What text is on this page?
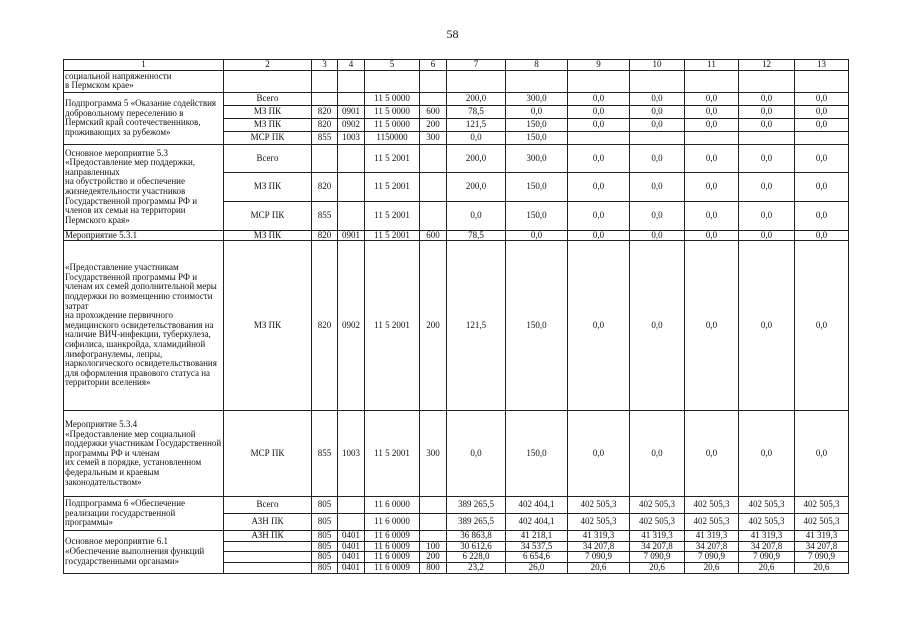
58
1	2	3	4	5	6	7	8	9	10	11	12	13
социальной напряженности
в Пермском крае»												
Подпрограмма 5 «Оказание содействия добровольному переселению в Пермский край соотечественников, проживающих за рубежом»	Всего			11 5 0000		200,0	300,0	0,0	0,0	0,0	0,0	0,0
	МЗ ПК	820	0901	11 5 0000	600	78,5	0,0	0,0	0,0	0,0	0,0	0,0
	МЗ ПК	820	0902	11 5 0000	200	121,5	150,0	0,0	0,0	0,0	0,0	0,0
	МСР ПК	855	1003	1150000	300	0,0	150,0					
Основное мероприятие 5.3
«Предоставление мер поддержки, направленных
на обустройство и обеспечение жизнедеятельности участников Государственной программы РФ и членов их семьи на территории Пермского края»	Всего			11 5 2001		200,0	300,0	0,0	0,0	0,0	0,0	0,0
	МЗ ПК	820		11 5 2001		200,0	150,0	0,0	0,0	0,0	0,0	0,0
	МСР ПК	855		11 5 2001		0,0	150,0	0,0	0,0	0,0	0,0	0,0
Мероприятие 5.3.1	МЗ ПК	820	0901	11 5 2001	600	78,5	0,0	0,0	0,0	0,0	0,0	0,0
«Предоставление участникам Государственной программы РФ и членам их семей дополнительной меры поддержки по возмещению стоимости затрат
на прохождение первичного медицинского освидетельствования на наличие ВИЧ-инфекции, туберкулеза, сифилиса, шанкройда, хламидийной лимфогранулемы, лепры, наркологического освидетельствования
для оформления правового статуса на территории вселения»	МЗ ПК	820	0902	11 5 2001	200	121,5	150,0	0,0	0,0	0,0	0,0	0,0
Мероприятие 5.3.4
«Предоставление мер социальной поддержки участникам Государственной программы РФ и членам
их семей в порядке, установленном федеральным и краевым законодательством»	МСР ПК	855	1003	11 5 2001	300	0,0	150,0	0,0	0,0	0,0	0,0	0,0
Подпрограмма 6 «Обеспечение реализации государственной программы»	Всего	805		11 6 0000		389 265,5	402 404,1	402 505,3	402 505,3	402 505,3	402 505,3	402 505,3
	АЗН ПК	805		11 6 0000		389 265,5	402 404,1	402 505,3	402 505,3	402 505,3	402 505,3	402 505,3
Основное мероприятие 6.1
«Обеспечение выполнения функций государственными органами»	АЗН ПК	805	0401	11 6 0009		36 863,8	41 218,1	41 319,3	41 319,3	41 319,3	41 319,3	41 319,3
		805	0401	11 6 0009	100	30 612,6	34 537,5	34 207,8	34 207,8	34 207,8	34 207,8	34 207,8
		805	0401	11 6 0009	200	6 228,0	6 654,6	7 090,9	7 090,9	7 090,9	7 090,9	7 090,9
		805	0401	11 6 0009	800	23,2	26,0	20,6	20,6	20,6	20,6	20,6
